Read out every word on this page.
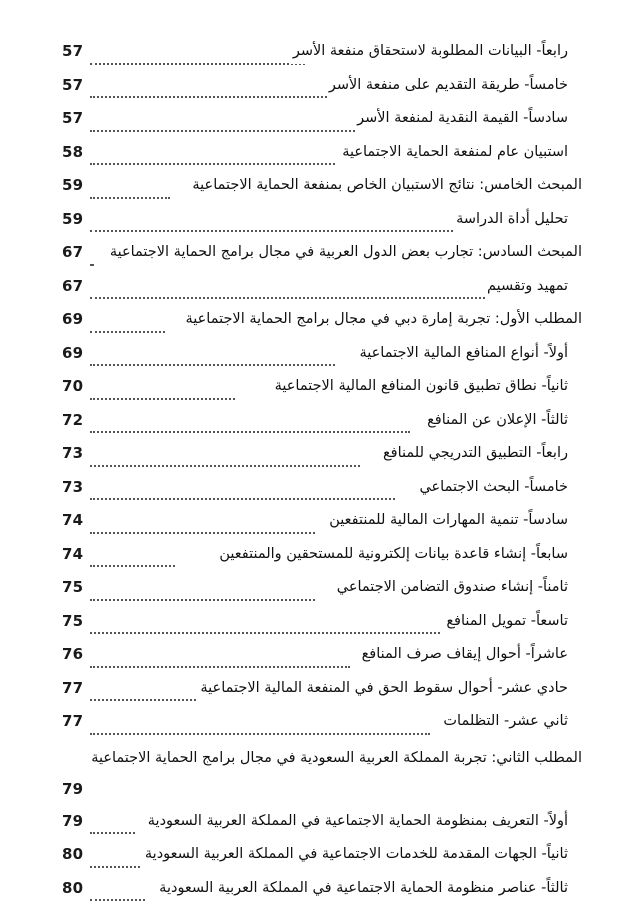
57	رابعاً- البيانات المطلوبة لاستحقاق منفعة الأسر
57	خامساً- طريقة التقديم على منفعة الأسر
57	سادساً- القيمة النقدية لمنفعة الأسر
58	استبيان عام لمنفعة الحماية الاجتماعية
59	المبحث الخامس: نتائج الاستبيان الخاص بمنفعة الحماية الاجتماعية
59	تحليل أداة الدراسة
67 المبحث السادس: تجارب بعض الدول العربية في مجال برامج الحماية الاجتماعية
67	تمهيد وتقسيم
69	المطلب الأول: تجربة إمارة دبي في مجال برامج الحماية الاجتماعية
69	أولاً- أنواع المنافع المالية الاجتماعية
70	ثانياً- نطاق تطبيق قانون المنافع المالية الاجتماعية
72	ثالثاً- الإعلان عن المنافع
73	رابعاً- التطبيق التدريجي للمنافع
73	خامساً- البحث الاجتماعي
74	سادساً- تنمية المهارات المالية للمنتفعين
74	سابعاً- إنشاء قاعدة بيانات إلكترونية للمستحقين والمنتفعين
75	ثامناً- إنشاء صندوق التضامن الاجتماعي
75	تاسعاً- تمويل المنافع
76	عاشراً- أحوال إيقاف صرف المنافع
77	حادي عشر- أحوال سقوط الحق في المنفعة المالية الاجتماعية
77	ثاني عشر- التظلمات
المطلب الثاني: تجربة المملكة العربية السعودية في مجال برامج الحماية الاجتماعية
79
79	أولاً- التعريف بمنظومة الحماية الاجتماعية في المملكة العربية السعودية
80	ثانياً- الجهات المقدمة للخدمات الاجتماعية في المملكة العربية السعودية
80	ثالثاً- عناصر منظومة الحماية الاجتماعية في المملكة العربية السعودية
